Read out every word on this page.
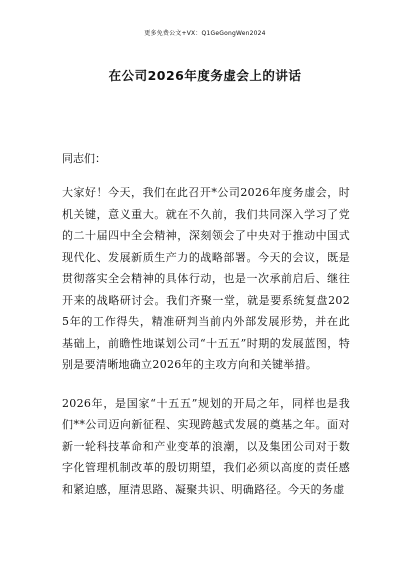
更多免费公文+VX：Q1GeGongWen2024
在公司2026年度务虚会上的讲话
同志们：

大家好！今天，我们在此召开*公司2026年度务虚会，时机关键，意义重大。就在不久前，我们共同深入学习了党的二十届四中全会精神，深刻领会了中央对于推动中国式现代化、发展新质生产力的战略部署。今天的会议，既是贯彻落实全会精神的具体行动，也是一次承前启后、继往开来的战略研讨会。我们齐聚一堂，就是要系统复盘2025年的工作得失，精准研判当前内外部发展形势，并在此基础上，前瞻性地谋划公司“十五五”时期的发展蓝图，特别是要清晰地确立2026年的主攻方向和关键举措。

2026年，是国家“十五五”规划的开局之年，同样也是我们**公司迈向新征程、实现跨越式发展的奠基之年。面对新一轮科技革命和产业变革的浪潮，以及集团公司对于数字化管理机制改革的殷切期望，我们必须以高度的责任感和紧迫感，厘清思路、凝聚共识、明确路径。今天的务虚
